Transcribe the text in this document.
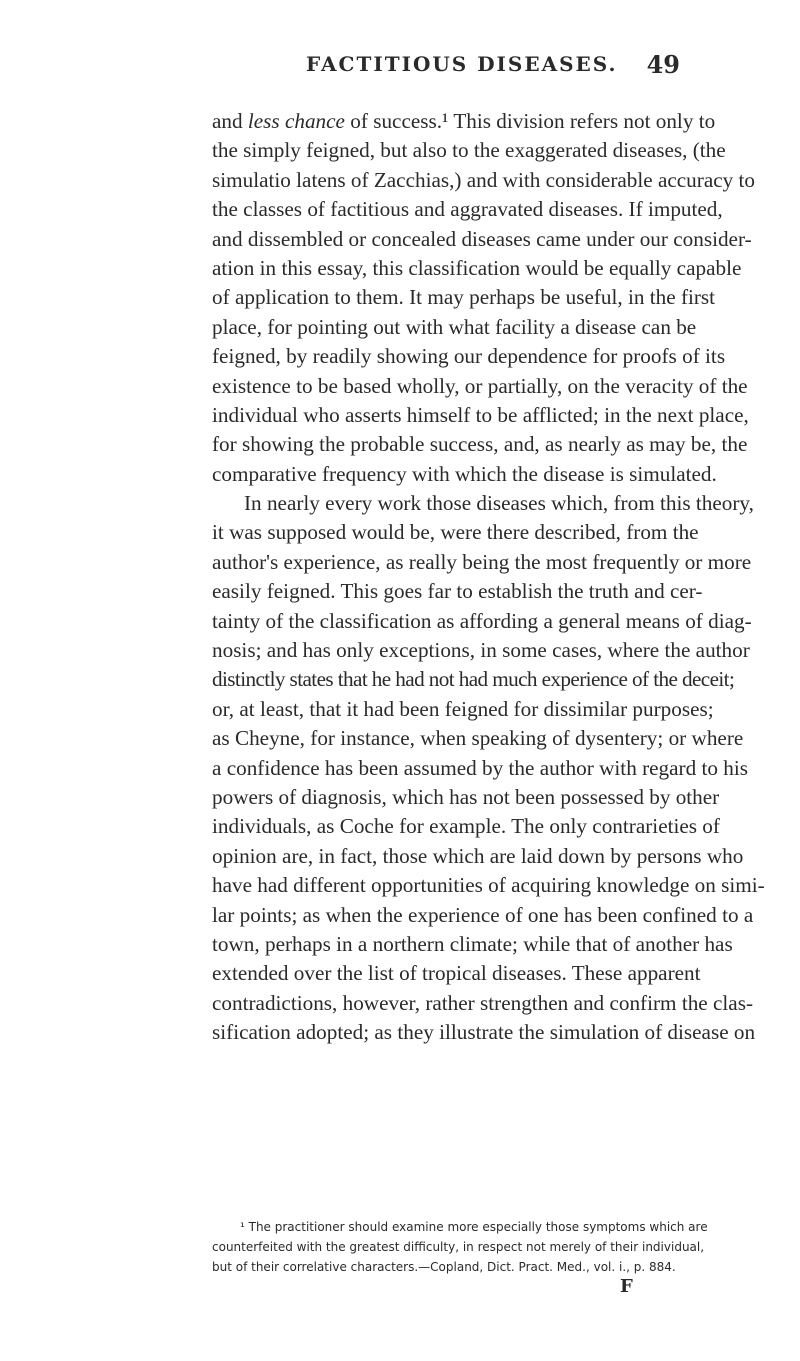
FACTITIOUS DISEASES. 49
and less chance of success.¹ This division refers not only to
the simply feigned, but also to the exaggerated diseases, (the
simulatio latens of Zacchias,) and with considerable accuracy to
the classes of factitious and aggravated diseases. If imputed,
and dissembled or concealed diseases came under our consider-
ation in this essay, this classification would be equally capable
of application to them. It may perhaps be useful, in the first
place, for pointing out with what facility a disease can be
feigned, by readily showing our dependence for proofs of its
existence to be based wholly, or partially, on the veracity of the
individual who asserts himself to be afflicted; in the next place,
for showing the probable success, and, as nearly as may be, the
comparative frequency with which the disease is simulated.
In nearly every work those diseases which, from this theory,
it was supposed would be, were there described, from the
author's experience, as really being the most frequently or more
easily feigned. This goes far to establish the truth and cer-
tainty of the classification as affording a general means of diag-
nosis; and has only exceptions, in some cases, where the author
distinctly states that he had not had much experience of the deceit;
or, at least, that it had been feigned for dissimilar purposes;
as Cheyne, for instance, when speaking of dysentery; or where
a confidence has been assumed by the author with regard to his
powers of diagnosis, which has not been possessed by other
individuals, as Coche for example. The only contrarieties of
opinion are, in fact, those which are laid down by persons who
have had different opportunities of acquiring knowledge on simi-
lar points; as when the experience of one has been confined to a
town, perhaps in a northern climate; while that of another has
extended over the list of tropical diseases. These apparent
contradictions, however, rather strengthen and confirm the clas-
sification adopted; as they illustrate the simulation of disease on
¹ The practitioner should examine more especially those symptoms which are
counterfeited with the greatest difficulty, in respect not merely of their individual,
but of their correlative characters.—Copland, Dict. Pract. Med., vol. i., p. 884.
F
